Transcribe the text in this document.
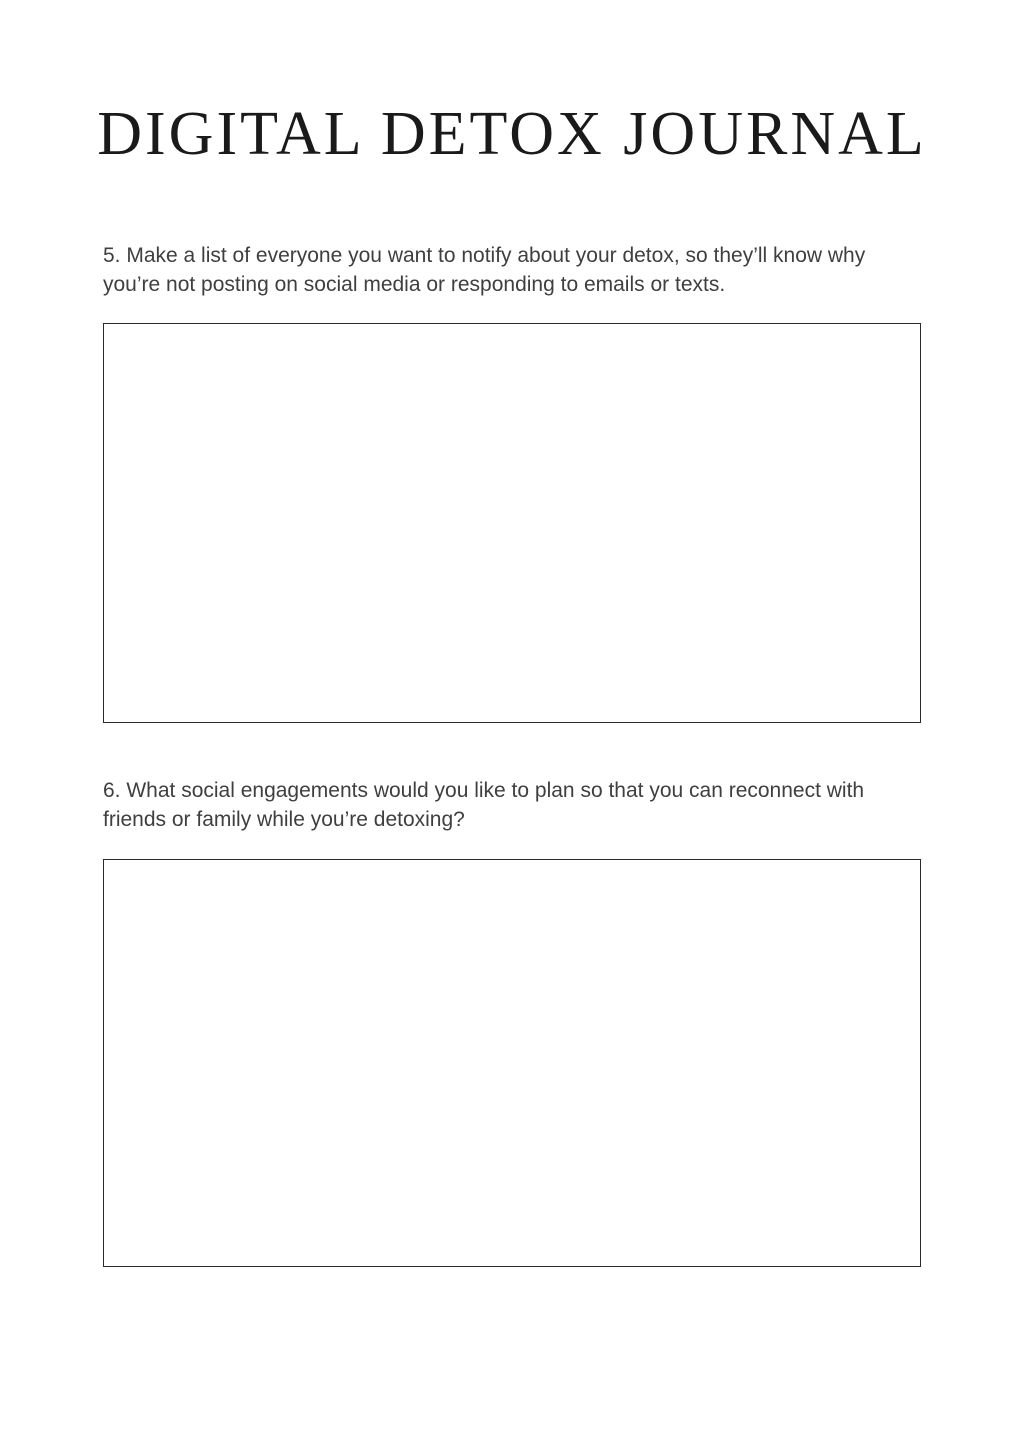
DIGITAL DETOX JOURNAL

5. Make a list of everyone you want to notify about your detox, so they’ll know why you’re not posting on social media or responding to emails or texts.

6. What social engagements would you like to plan so that you can reconnect with friends or family while you’re detoxing?
